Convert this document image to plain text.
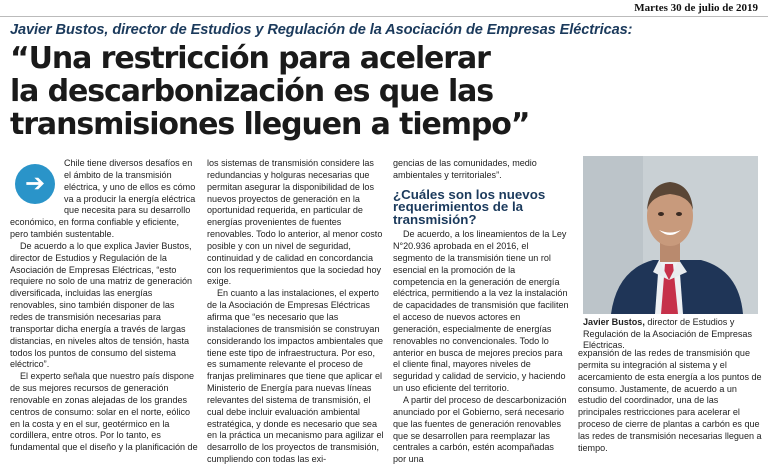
Martes 30 de julio de 2019
Javier Bustos, director de Estudios y Regulación de la Asociación de Empresas Eléctricas:
“Una restricción para acelerar
la descarbonización es que las
transmisiones lleguen a tiempo”
➔

Chile tiene diversos desafíos en el ámbito de la transmisión eléctrica, y uno de ellos es cómo va a producir la energía eléctrica que necesita para su desarrollo económico, en forma confiable y eficiente, pero también sustentable.

De acuerdo a lo que explica Javier Bustos, director de Estudios y Regulación de la Asociación de Empresas Eléctricas, “esto requiere no solo de una matriz de generación diversificada, incluidas las energías renovables, sino también disponer de las redes de transmisión necesarias para transportar dicha energía a través de largas distancias, en niveles altos de tensión, hasta todos los puntos de consumo del sistema eléctrico”.

El experto señala que nuestro país dispone de sus mejores recursos de generación renovable en zonas alejadas de los grandes centros de consumo: solar en el norte, eólico en la costa y en el sur, geotérmico en la cordillera, entre otros. Por lo tanto, es fundamental que el diseño y la planificación de

los sistemas de transmisión considere las redundancias y holguras necesarias que permitan asegurar la disponibilidad de los nuevos proyectos de generación en la oportunidad requerida, en particular de energías provenientes de fuentes renovables. Todo lo anterior, al menor costo posible y con un nivel de seguridad, continuidad y de calidad en concordancia con los requerimientos que la sociedad hoy exige.

En cuanto a las instalaciones, el experto de la Asociación de Empresas Eléctricas afirma que “es necesario que las instalaciones de transmisión se construyan considerando los impactos ambientales que tiene este tipo de infraestructura. Por eso, es sumamente relevante el proceso de franjas preliminares que tiene que aplicar el Ministerio de Energía para nuevas líneas relevantes del sistema de transmisión, el cual debe incluir evaluación ambiental estratégica, y donde es necesario que sea en la práctica un mecanismo para agilizar el desarrollo de los proyectos de transmisión, cumpliendo con todas las exi-

gencias de las comunidades, medio ambientales y territoriales”.

¿Cuáles son los nuevos requerimientos de la transmisión?

De acuerdo, a los lineamientos de la Ley N°20.936 aprobada en el 2016, el segmento de la transmisión tiene un rol esencial en la promoción de la competencia en la generación de energía eléctrica, permitiendo a la vez la instalación de capacidades de transmisión que faciliten el acceso de nuevos actores en generación, especialmente de energías renovables no convencionales. Todo lo anterior en busca de mejores precios para el cliente final, mayores niveles de seguridad y calidad de servicio, y haciendo un uso eficiente del territorio.

A partir del proceso de descarbonización anunciado por el Gobierno, será necesario que las fuentes de generación renovables que se desarrollen para reemplazar las centrales a carbón, estén acompañadas por una

Javier Bustos, director de Estudios y Regulación de la Asociación de Empresas Eléctricas.

expansión de las redes de transmisión que permita su integración al sistema y el acercamiento de esta energía a los puntos de consumo. Justamente, de acuerdo a un estudio del coordinador, una de las principales restricciones para acelerar el proceso de cierre de plantas a carbón es que las redes de transmisión necesarias lleguen a tiempo.
